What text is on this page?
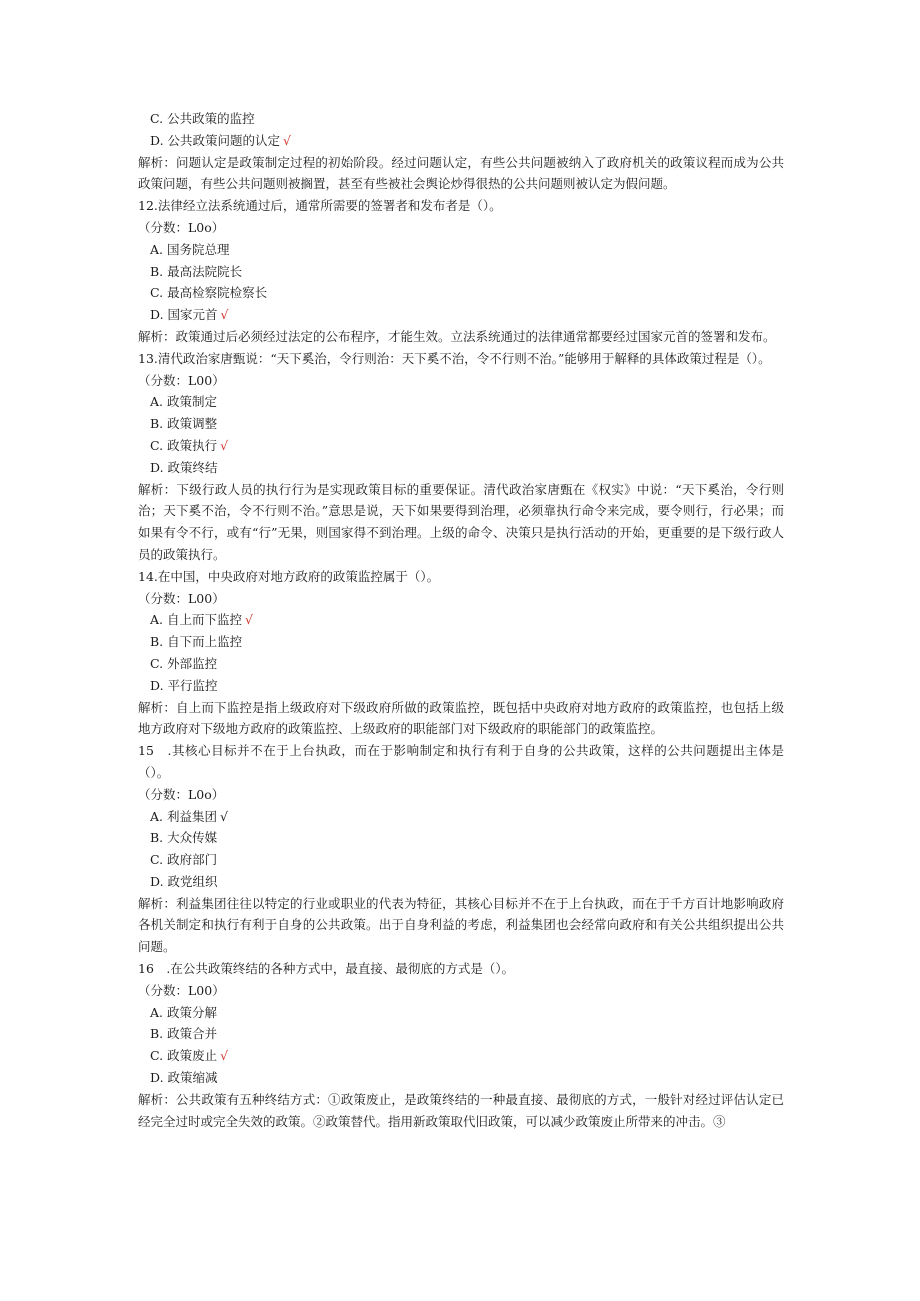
C. 公共政策的监控
D. 公共政策问题的认定 √
解析：问题认定是政策制定过程的初始阶段。经过问题认定，有些公共问题被纳入了政府机关的政策议程而成为公共政策问题，有些公共问题则被搁置，甚至有些被社会舆论炒得很热的公共问题则被认定为假问题。
12.法律经立法系统通过后，通常所需要的签署者和发布者是（）。
（分数：L0o）
A. 国务院总理
B. 最高法院院长
C. 最高检察院检察长
D. 国家元首 √
解析：政策通过后必须经过法定的公布程序，才能生效。立法系统通过的法律通常都要经过国家元首的签署和发布。
13.清代政治家唐甄说：“天下奚治，令行则治：天下奚不治，令不行则不治。”能够用于解释的具体政策过程是（）。
（分数：L00）
A. 政策制定
B. 政策调整
C. 政策执行 √
D. 政策终结
解析：下级行政人员的执行行为是实现政策目标的重要保证。清代政治家唐甄在《权实》中说：“天下奚治，令行则治；天下奚不治，令不行则不治。”意思是说，天下如果要得到治理，必须靠执行命令来完成，要令则行，行必果；而如果有令不行，或有“行”无果，则国家得不到治理。上级的命令、决策只是执行活动的开始，更重要的是下级行政人员的政策执行。
14.在中国，中央政府对地方政府的政策监控属于（）。
（分数：L00）
A. 自上而下监控 √
B. 自下而上监控
C. 外部监控
D. 平行监控
解析：自上而下监控是指上级政府对下级政府所做的政策监控，既包括中央政府对地方政府的政策监控，也包括上级地方政府对下级地方政府的政策监控、上级政府的职能部门对下级政府的职能部门的政策监控。
15　.其核心目标并不在于上台执政，而在于影响制定和执行有利于自身的公共政策，这样的公共问题提出主体是（）。
（分数：L0o）
A. 利益集团 √
B. 大众传媒
C. 政府部门
D. 政党组织
解析：利益集团往往以特定的行业或职业的代表为特征，其核心目标并不在于上台执政，而在于千方百计地影响政府各机关制定和执行有利于自身的公共政策。出于自身利益的考虑，利益集团也会经常向政府和有关公共组织提出公共问题。
16　.在公共政策终结的各种方式中，最直接、最彻底的方式是（）。
（分数：L00）
A. 政策分解
B. 政策合并
C. 政策废止 √
D. 政策缩减
解析：公共政策有五种终结方式：①政策废止，是政策终结的一种最直接、最彻底的方式，一般针对经过评估认定已经完全过时或完全失效的政策。②政策替代。指用新政策取代旧政策，可以减少政策废止所带来的冲击。③
